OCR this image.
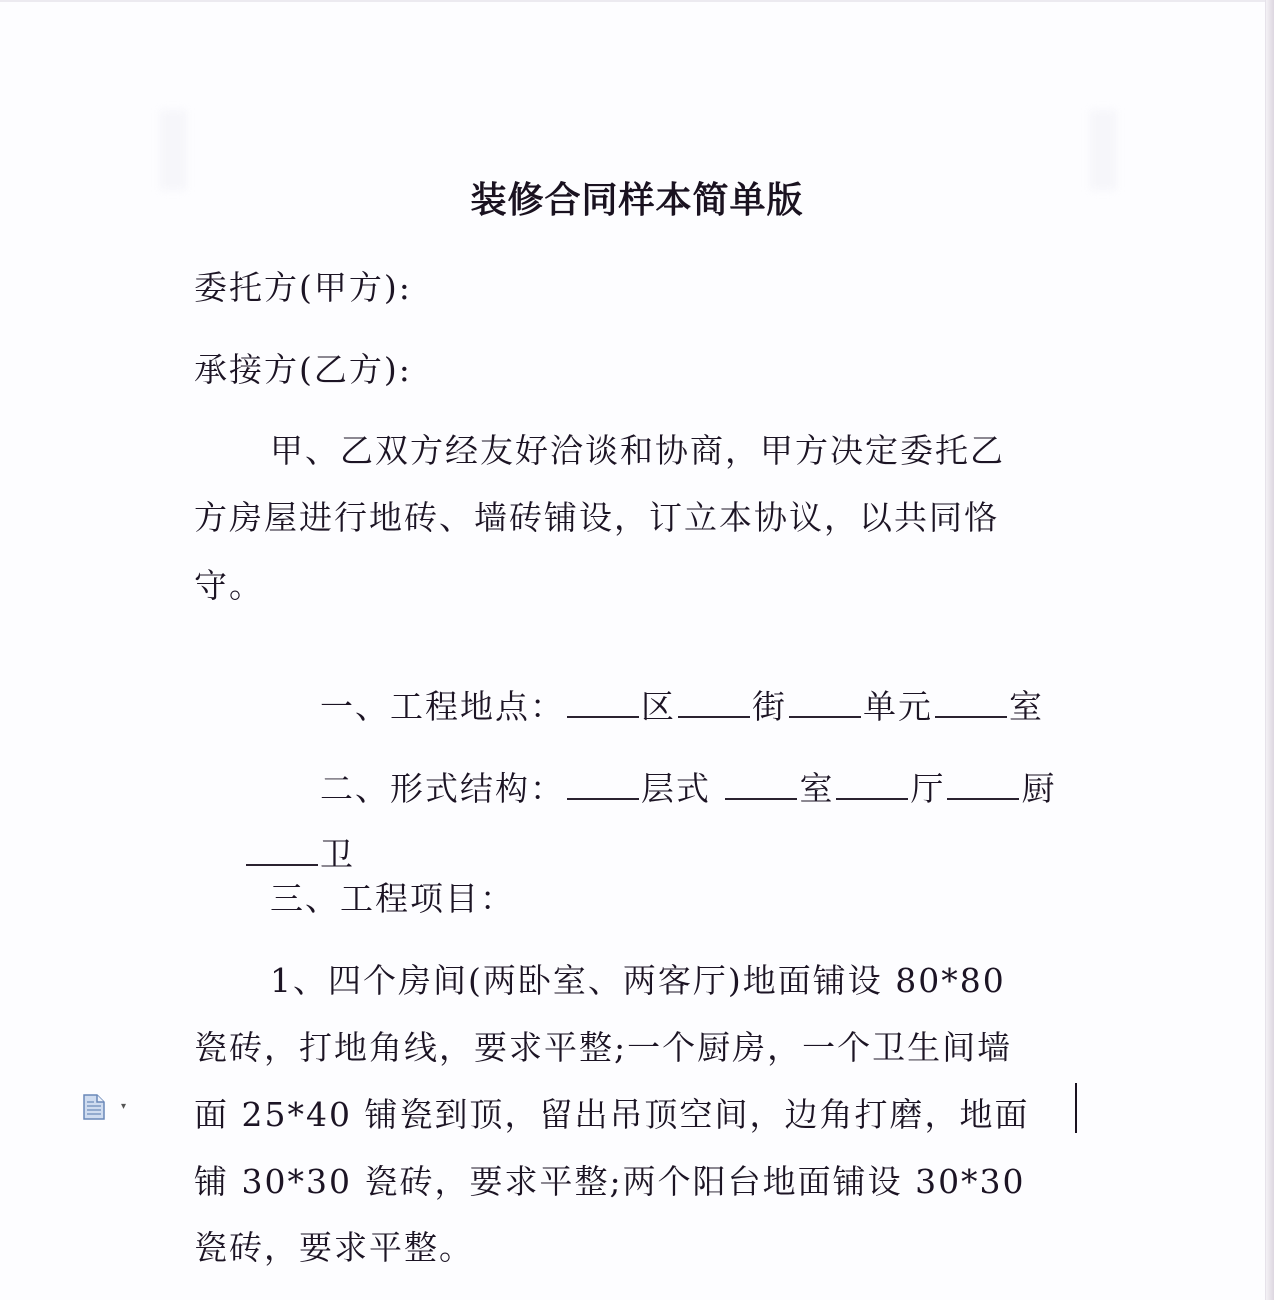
装修合同样本简单版
委托方(甲方):
承接方(乙方):
甲、乙双方经友好洽谈和协商，甲方决定委托乙
方房屋进行地砖、墙砖铺设，订立本协议，以共同恪
守。

一、工程地点： 区 街 单元 室

二、形式结构： 层式	室 厅 厨

卫

三、工程项目：
1、四个房间(两卧室、两客厅)地面铺设 80*80
瓷砖，打地角线，要求平整;一个厨房，一个卫生间墙
面 25*40 铺瓷到顶，留出吊顶空间，边角打磨，地面
铺 30*30 瓷砖，要求平整;两个阳台地面铺设 30*30
瓷砖，要求平整。
▾
